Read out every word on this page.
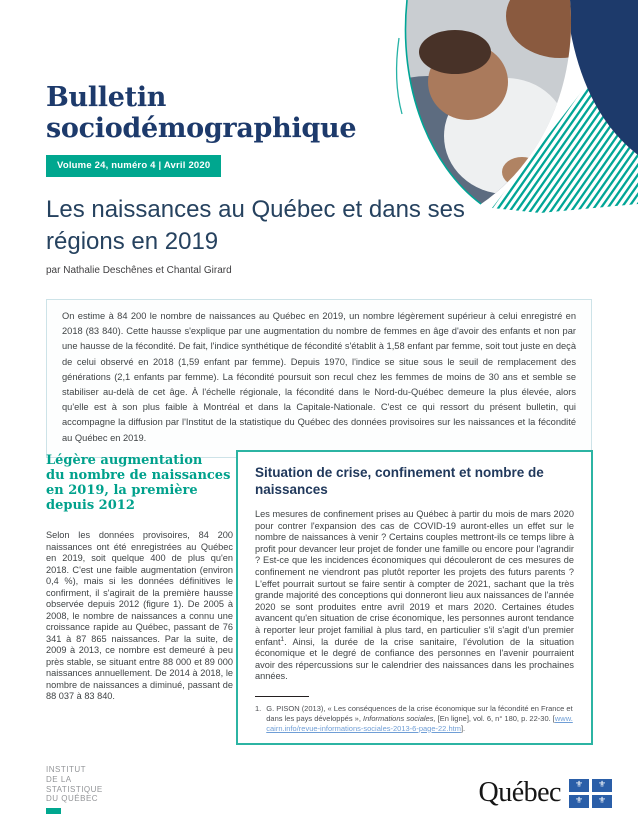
Bulletin
sociodémographique
Volume 24, numéro 4 | Avril 2020
Les naissances au Québec et dans ses régions en 2019
par Nathalie Deschênes et Chantal Girard

On estime à 84 200 le nombre de naissances au Québec en 2019, un nombre légèrement supérieur à celui enregistré en 2018 (83 840). Cette hausse s'explique par une augmentation du nombre de femmes en âge d'avoir des enfants et non par une hausse de la fécondité. De fait, l'indice synthétique de fécondité s'établit à 1,58 enfant par femme, soit tout juste en deçà de celui observé en 2018 (1,59 enfant par femme). Depuis 1970, l'indice se situe sous le seuil de remplacement des générations (2,1 enfants par femme). La fécondité poursuit son recul chez les femmes de moins de 30 ans et semble se stabiliser au-delà de cet âge. À l'échelle régionale, la fécondité dans le Nord-du-Québec demeure la plus élevée, alors qu'elle est à son plus faible à Montréal et dans la Capitale-Nationale. C'est ce qui ressort du présent bulletin, qui accompagne la diffusion par l'Institut de la statistique du Québec des données provisoires sur les naissances et la fécondité au Québec en 2019.

Légère augmentation
du nombre de naissances
en 2019, la première
depuis 2012

Selon les données provisoires, 84 200 naissances ont été enregistrées au Québec en 2019, soit quelque 400 de plus qu'en 2018. C'est une faible augmentation (environ 0,4 %), mais si les données définitives le confirment, il s'agirait de la première hausse observée depuis 2012 (figure 1). De 2005 à 2008, le nombre de naissances a connu une croissance rapide au Québec, passant de 76 341 à 87 865 naissances. Par la suite, de 2009 à 2013, ce nombre est demeuré à peu près stable, se situant entre 88 000 et 89 000 naissances annuellement. De 2014 à 2018, le nombre de naissances a diminué, passant de 88 037 à 83 840.

Situation de crise, confinement et nombre de naissances

Les mesures de confinement prises au Québec à partir du mois de mars 2020 pour contrer l'expansion des cas de COVID-19 auront-elles un effet sur le nombre de naissances à venir ? Certains couples mettront-ils ce temps libre à profit pour devancer leur projet de fonder une famille ou encore pour l'agrandir ? Est-ce que les incidences économiques qui découleront de ces mesures de confinement ne viendront pas plutôt reporter les projets des futurs parents ? L'effet pourrait surtout se faire sentir à compter de 2021, sachant que la très grande majorité des conceptions qui donneront lieu aux naissances de l'année 2020 se sont produites entre avril 2019 et mars 2020. Certaines études avancent qu'en situation de crise économique, les personnes auront tendance à reporter leur projet familial à plus tard, en particulier s'il s'agit d'un premier enfant$^1$. Ainsi, la durée de la crise sanitaire, l'évolution de la situation économique et le degré de confiance des personnes en l'avenir pourraient avoir des répercussions sur le calendrier des naissances dans les prochaines années.

1. G. PISON (2013), « Les conséquences de la crise économique sur la fécondité en France et dans les pays développés », Informations sociales, [En ligne], vol. 6, n° 180, p. 22-30. [www.cairn.info/revue-informations-sociales-2013-6-page-22.htm].
INSTITUT
DE LA
STATISTIQUE
DU QUÉBEC	Québec	⚜	⚜
⚜	⚜
